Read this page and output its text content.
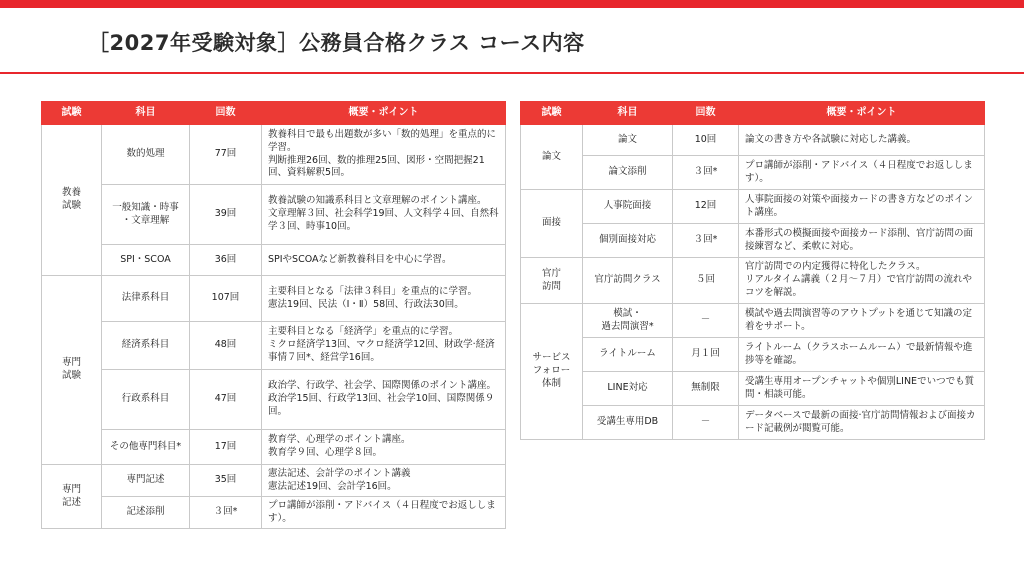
［2027年受験対象］公務員合格クラス コース内容
試験	科目	回数	概要・ポイント
教養
試験	数的処理	77回	教養科目で最も出題数が多い「数的処理」を重点的に学習。
判断推理26回、数的推理25回、図形・空間把握21回、資料解釈5回。
	一般知識・時事
・文章理解	39回	教養試験の知識系科目と文章理解のポイント講座。
文章理解３回、社会科学19回、人文科学４回、自然科学３回、時事10回。
	SPI・SCOA	36回	SPIやSCOAなど新教養科目を中心に学習。
専門
試験	法律系科目	107回	主要科目となる「法律３科目」を重点的に学習。
憲法19回、民法（Ⅰ・Ⅱ）58回、行政法30回。
	経済系科目	48回	主要科目となる「経済学」を重点的に学習。
ミクロ経済学13回、マクロ経済学12回、財政学·経済事情７回*、経営学16回。
	行政系科目	47回	政治学、行政学、社会学、国際関係のポイント講座。
政治学15回、行政学13回、社会学10回、国際関係９回。
	その他専門科目*	17回	教育学、心理学のポイント講座。
教育学９回、心理学８回。
専門
記述	専門記述	35回	憲法記述、会計学のポイント講義
憲法記述19回、会計学16回。
	記述添削	３回*	プロ講師が添削・アドバイス（４日程度でお返しします）。
試験	科目	回数	概要・ポイント
論文	論文	10回	論文の書き方や各試験に対応した講義。
	論文添削	３回*	プロ講師が添削・アドバイス（４日程度でお返しします）。
面接	人事院面接	12回	人事院面接の対策や面接カードの書き方などのポイント講座。
	個別面接対応	３回*	本番形式の模擬面接や面接カード添削、官庁訪問の面接練習など、柔軟に対応。
官庁
訪問	官庁訪問クラス	５回	官庁訪問での内定獲得に特化したクラス。
リアルタイム講義（２月～７月）で官庁訪問の流れやコツを解説。
サービス
フォロー
体制	模試・
過去問演習*	－	模試や過去問演習等のアウトプットを通じて知識の定着をサポート。
	ライトルーム	月１回	ライトルーム（クラスホームルーム）で最新情報や進捗等を確認。
	LINE対応	無制限	受講生専用オープンチャットや個別LINEでいつでも質問・相談可能。
	受講生専用DB	－	データベースで最新の面接·官庁訪問情報および面接カード記載例が閲覧可能。
